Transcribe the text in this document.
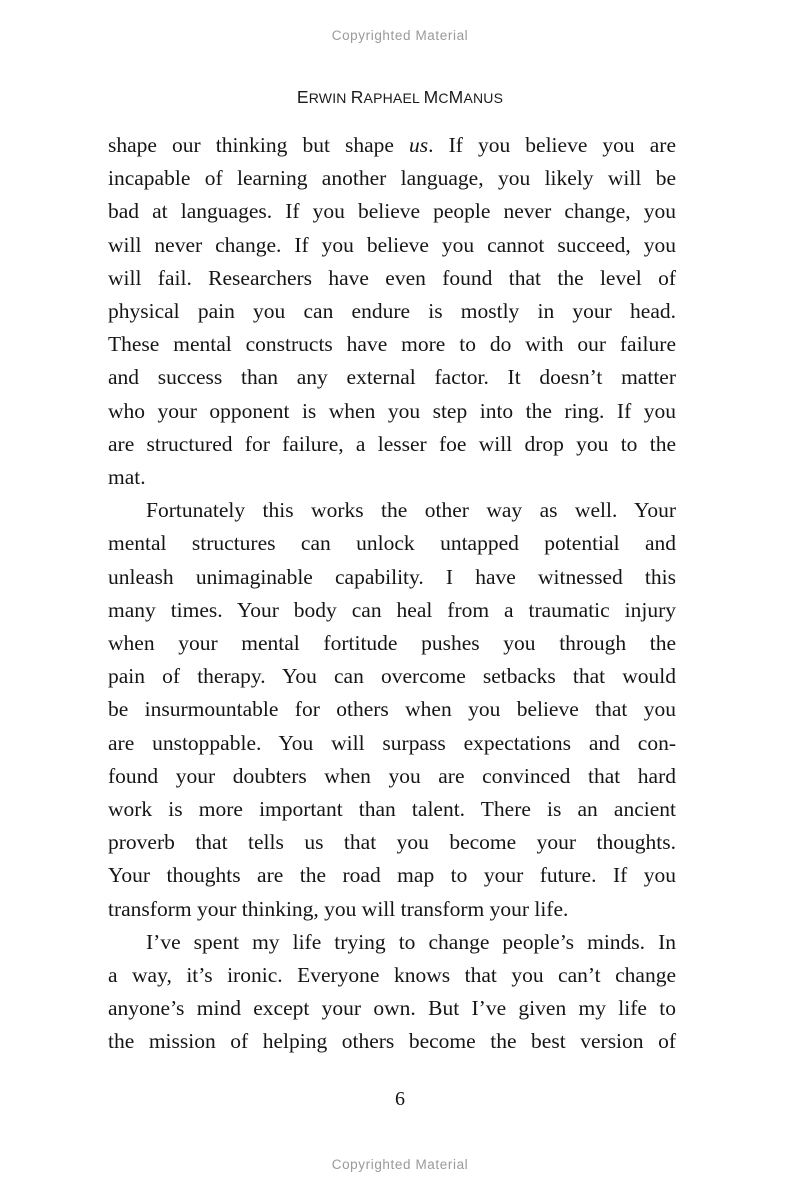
Copyrighted Material
ERWIN RAPHAEL MCMANUS

shape our thinking but shape us. If you believe you are
incapable of learning another language, you likely will be
bad at languages. If you believe people never change, you
will never change. If you believe you cannot succeed, you
will fail. Researchers have even found that the level of
physical pain you can endure is mostly in your head.
These mental constructs have more to do with our failure
and success than any external factor. It doesn’t matter
who your opponent is when you step into the ring. If you
are structured for failure, a lesser foe will drop you to the
mat.

Fortunately this works the other way as well. Your
mental structures can unlock untapped potential and
unleash unimaginable capability. I have witnessed this
many times. Your body can heal from a traumatic injury
when your mental fortitude pushes you through the
pain of therapy. You can overcome setbacks that would
be insurmountable for others when you believe that you
are unstoppable. You will surpass expectations and con-
found your doubters when you are convinced that hard
work is more important than talent. There is an ancient
proverb that tells us that you become your thoughts.
Your thoughts are the road map to your future. If you
transform your thinking, you will transform your life.

I’ve spent my life trying to change people’s minds. In
a way, it’s ironic. Everyone knows that you can’t change
anyone’s mind except your own. But I’ve given my life to
the mission of helping others become the best version of

6
Copyrighted Material
